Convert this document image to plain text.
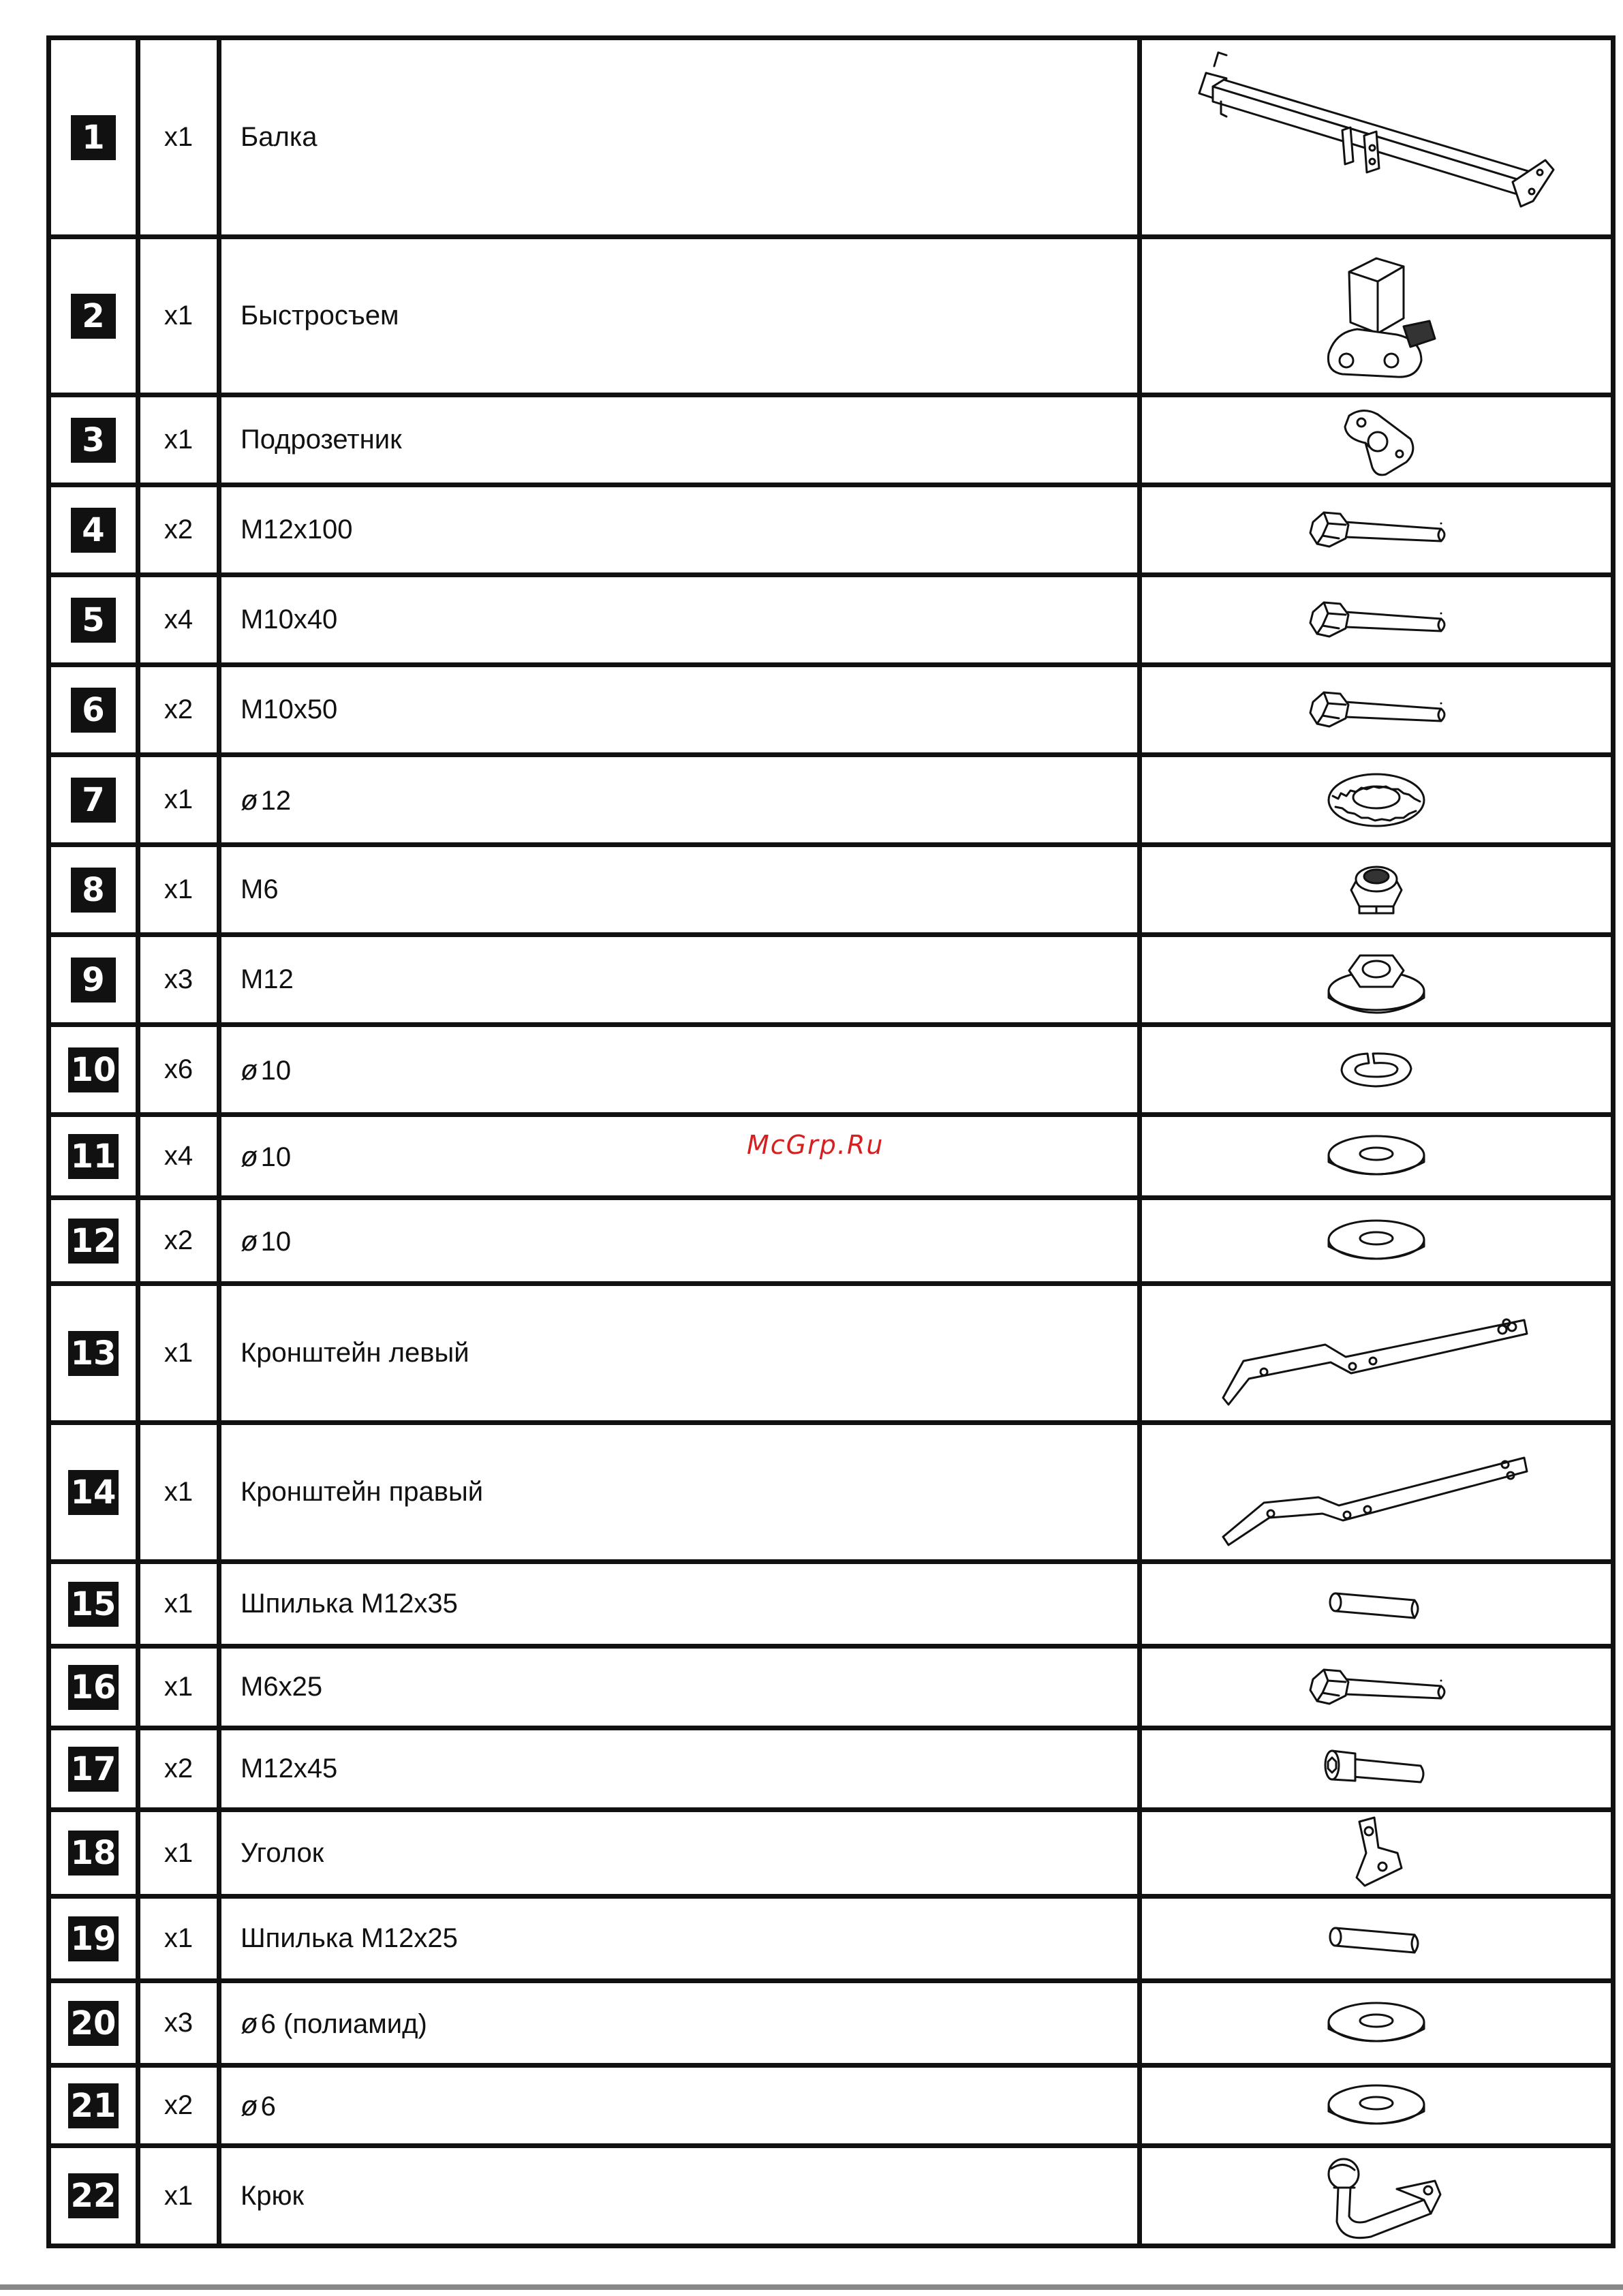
1	x1	Балка	
2	x1	Быстросъем	
3	x1	Подрозетник	
4	x2	M12x100	
5	x4	M10x40	
6	x2	M10x50	
7	x1	ø 12	
8	x1	M6	
9	x3	M12	
10	x6	ø 10	
11	x4	ø 10	
12	x2	ø 10	
13	x1	Кронштейн левый	
14	x1	Кронштейн правый	
15	x1	Шпилька M12x35	
16	x1	M6x25	
17	x2	M12x45	
18	x1	Уголок	
19	x1	Шпилька M12x25	
20	x3	ø 6 (полиамид)	
21	x2	ø 6	
22	x1	Крюк	
McGrp.Ru
